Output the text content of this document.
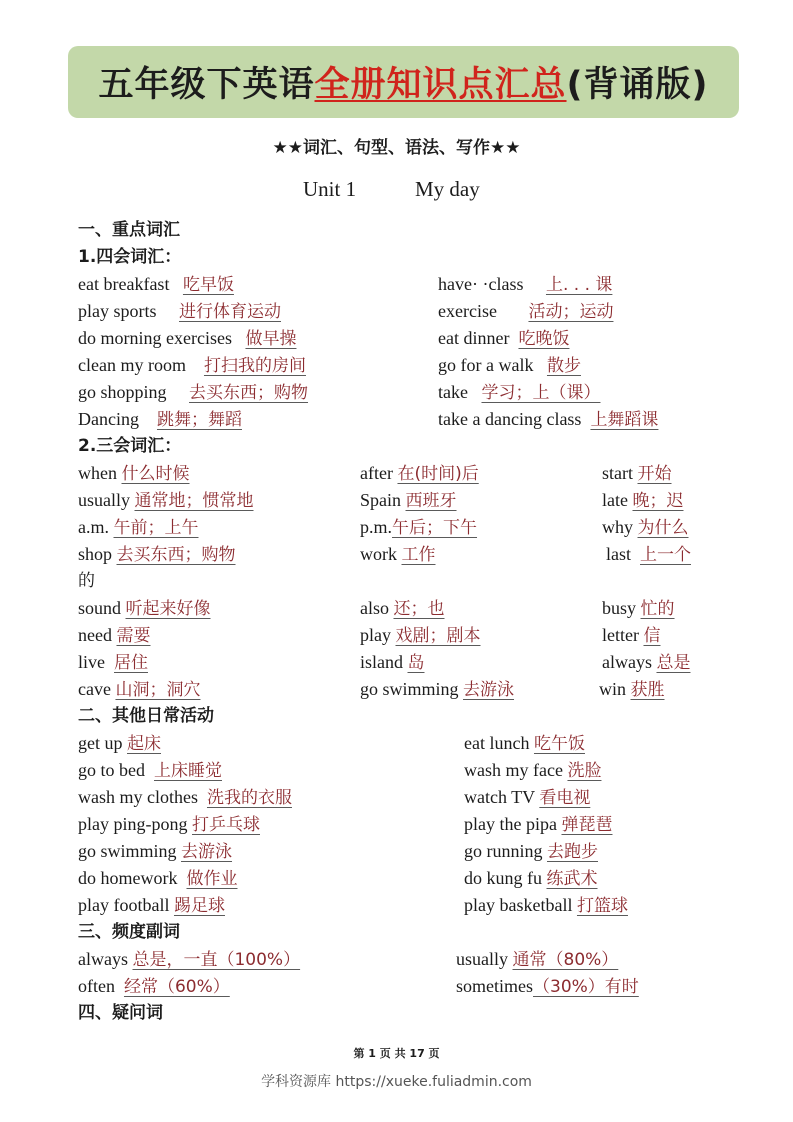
五年级下英语 全册知识点汇总 (背诵版)
★★词汇、句型、语法、写作★★
Unit 1	My day
一、重点词汇
1.四会词汇：
eat breakfast 吃早饭	have· ·class 上. . . 课
play sports 进行体育运动	exercise 活动；运动
do morning exercises 做早操	eat dinner 吃晚饭
clean my room 打扫我的房间	go for a walk 散步
go shopping 去买东西；购物	take 学习；上（课）
Dancing 跳舞；舞蹈	take a dancing class 上舞蹈课
2.三会词汇：
when 什么时候	after 在(时间)后	start 开始
usually 通常地；惯常地	Spain 西班牙	late 晚；迟
a.m. 午前；上午	p.m.午后；下午	why 为什么
shop 去买东西；购物	work 工作	last 上一个
的
sound 听起来好像	also 还；也	busy 忙的
need 需要	play 戏剧；剧本	letter 信
live 居住	island 岛	always 总是
cave 山洞；洞穴	go swimming 去游泳	win 获胜
二、其他日常活动
get up 起床	eat lunch 吃午饭
go to bed 上床睡觉	wash my face 洗脸
wash my clothes 洗我的衣服	watch TV 看电视
play ping-pong 打乒乓球	play the pipa 弹琵琶
go swimming 去游泳	go running 去跑步
do homework 做作业	do kung fu 练武术
play football 踢足球	play basketball 打篮球
三、频度副词
always 总是，一直（100%）	usually 通常（80%）
often 经常（60%）	sometimes（30%）有时
四、疑问词
第 1 页 共 17 页
学科资源库 https://xueke.fuliadmin.com
